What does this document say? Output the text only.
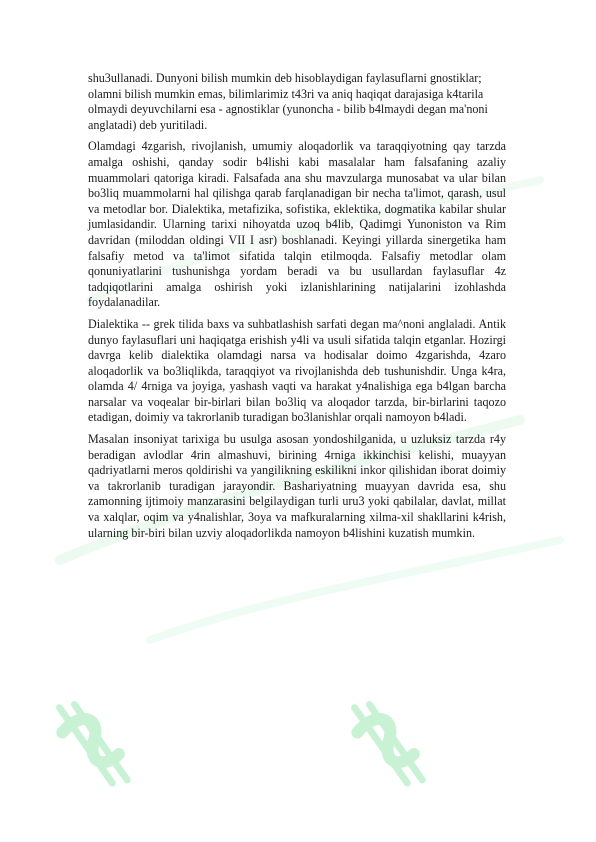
shu3ullanadi. Dunyoni bilish mumkin deb hisoblaydigan faylasuflarni gnostiklar; olamni bilish mumkin emas, bilimlarimiz t43ri va aniq haqiqat darajasiga k4tarila olmaydi deyuvchilarni esa - agnostiklar (yunoncha - bilib b4lmaydi degan ma'noni anglatadi) deb yuritiladi.

Olamdagi 4zgarish, rivojlanish, umumiy aloqadorlik va taraqqiyotning qay tarzda amalga oshishi, qanday sodir b4lishi kabi masalalar ham falsafaning azaliy muammolari qatoriga kiradi. Falsafada ana shu mavzularga munosabat va ular bilan bo3liq muammolarni hal qilishga qarab farqlanadigan bir necha ta'limot, qarash, usul va metodlar bor. Dialektika, metafizika, sofistika, eklektika, dogmatika kabilar shular jumlasidandir. Ularning tarixi nihoyatda uzoq b4lib, Qadimgi Yunoniston va Rim davridan (miloddan oldingi VII I asr) boshlanadi. Keyingi yillarda sinergetika ham falsafiy metod va ta'limot sifatida talqin etilmoqda. Falsafiy metodlar olam qonuniyatlarini tushunishga yordam beradi va bu usullardan faylasuflar 4z tadqiqotlarini amalga oshirish yoki izlanishlarining natijalarini izohlashda foydalanadilar.

Dialektika -- grek tilida baxs va suhbatlashish sarfati degan ma^noni anglaladi. Antik dunyo faylasuflari uni haqiqatga erishish y4li va usuli sifatida talqin etganlar. Hozirgi davrga kelib dialektika olamdagi narsa va hodisalar doimo 4zgarishda, 4zaro aloqadorlik va bo3liqlikda, taraqqiyot va rivojlanishda deb tushunishdir. Unga k4ra, olamda 4/ 4rniga va joyiga, yashash vaqti va harakat y4nalishiga ega b4lgan barcha narsalar va voqealar bir-birlari bilan bo3liq va aloqador tarzda, bir-birlarini taqozo etadigan, doimiy va takrorlanib turadigan bo3lanishlar orqali namoyon b4ladi.

Masalan insoniyat tarixiga bu usulga asosan yondoshilganida, u uzluksiz tarzda r4y beradigan avlodlar 4rin almashuvi, birining 4rniga ikkinchisi kelishi, muayyan qadriyatlarni meros qoldirishi va yangilikning eskilikni inkor qilishidan iborat doimiy va takrorlanib turadigan jarayondir. Bashariyatning muayyan davrida esa, shu zamonning ijtimoiy manzarasini belgilaydigan turli uru3 yoki qabilalar, davlat, millat va xalqlar, oqim va y4nalishlar, 3oya va mafkuralarning xilma-xil shakllarini k4rish, ularning bir-biri bilan uzviy aloqadorlikda namoyon b4lishini kuzatish mumkin.
